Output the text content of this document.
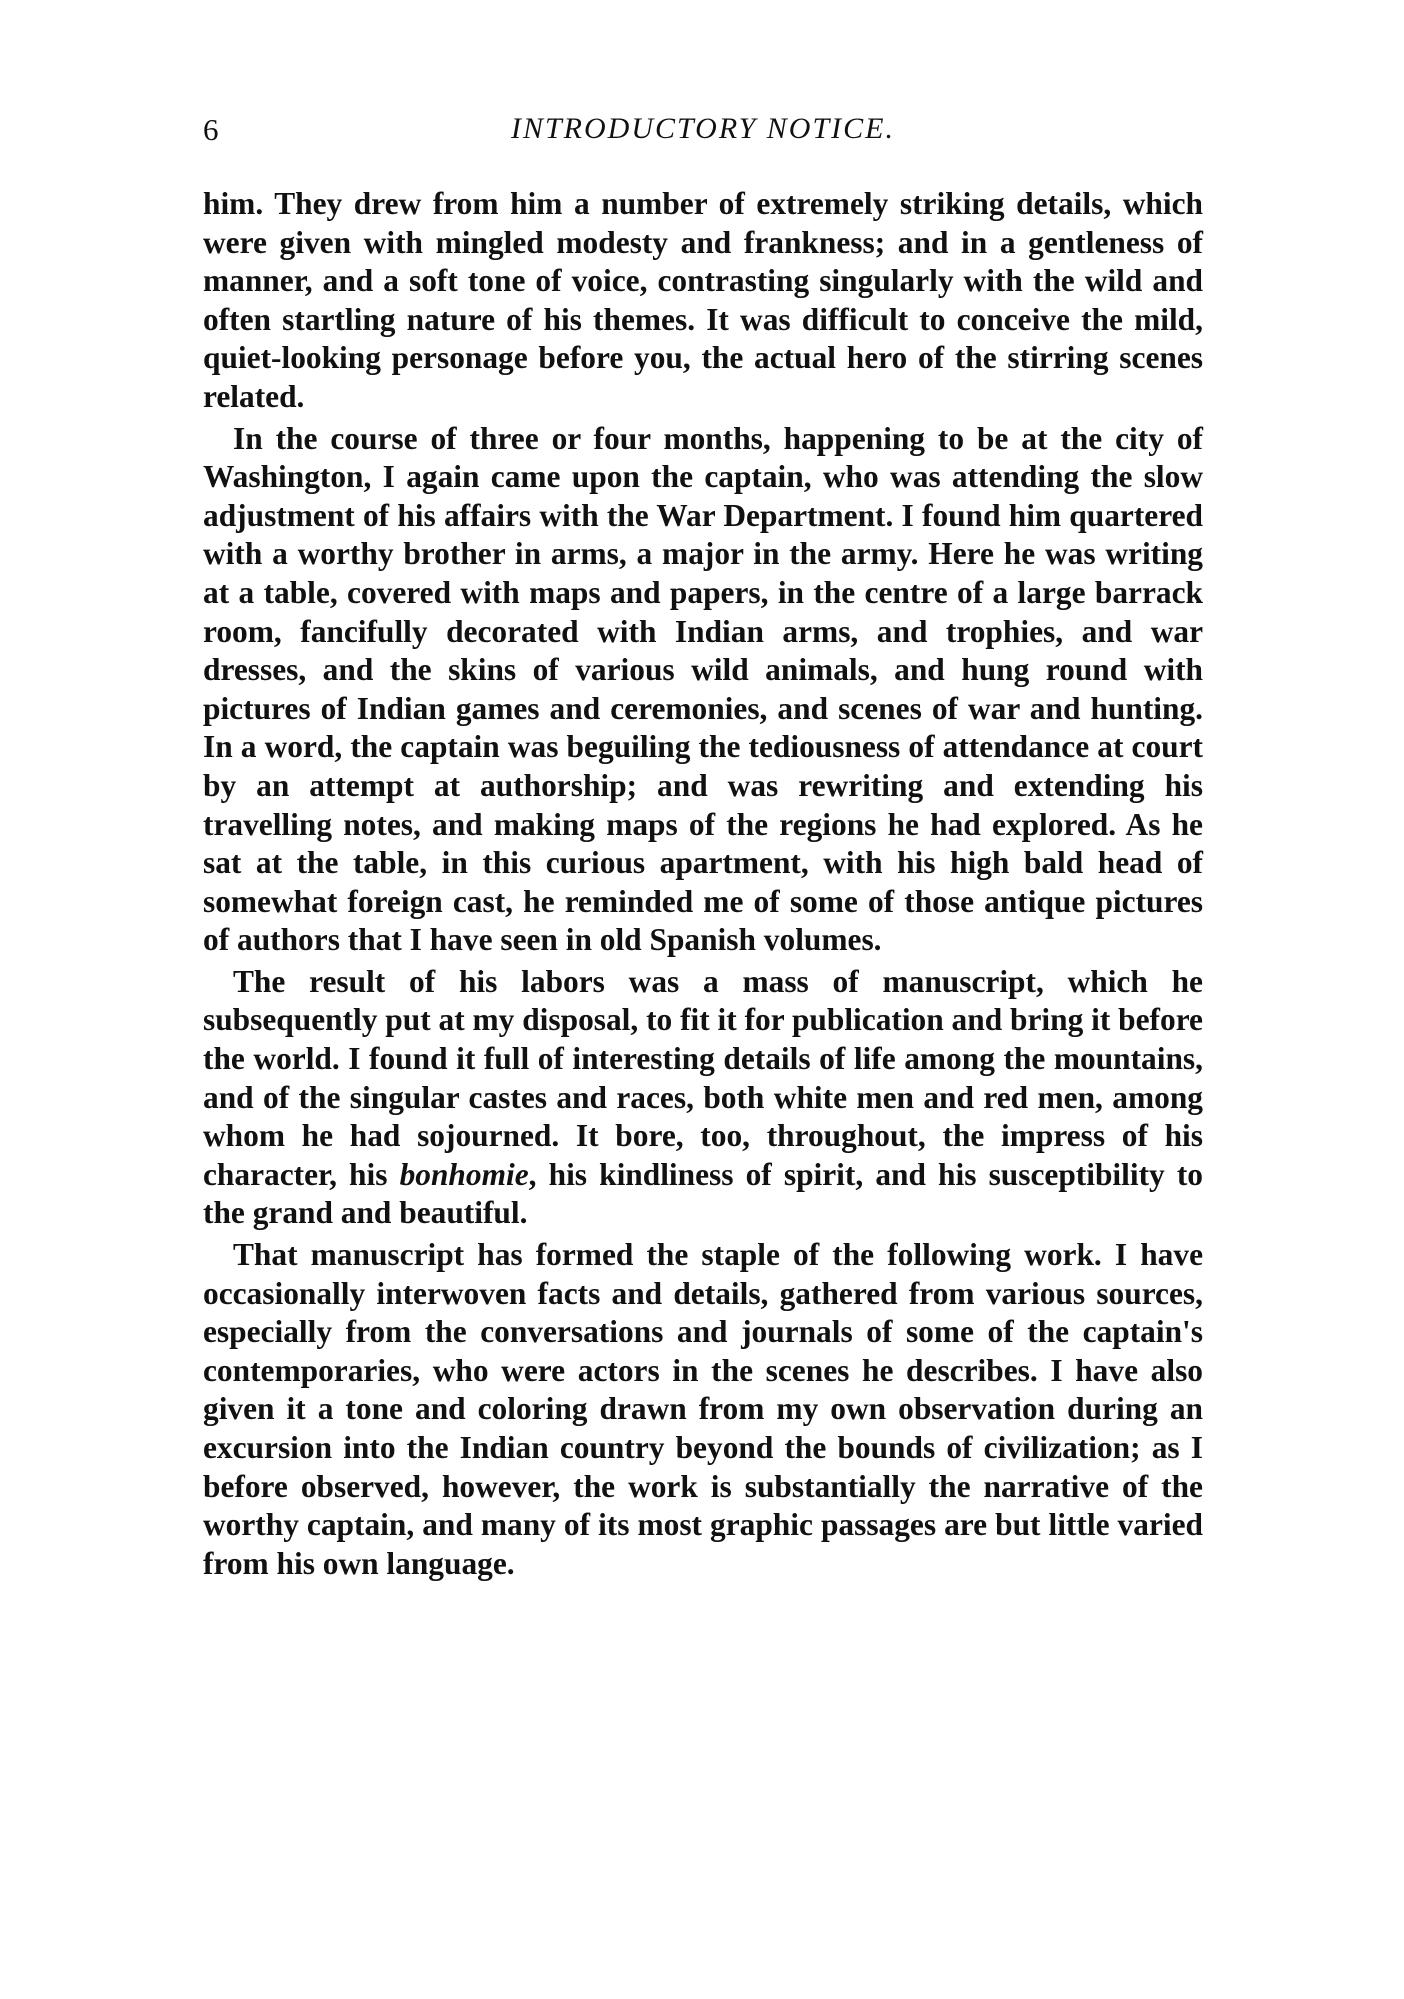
6	INTRODUCTORY NOTICE.

him. They drew from him a number of extremely striking details, which were given with mingled modesty and frankness; and in a gentleness of manner, and a soft tone of voice, contrasting singularly with the wild and often startling nature of his themes. It was difficult to conceive the mild, quiet-looking personage before you, the actual hero of the stirring scenes related.

In the course of three or four months, happening to be at the city of Washington, I again came upon the captain, who was attending the slow adjustment of his affairs with the War Department. I found him quartered with a worthy brother in arms, a major in the army. Here he was writing at a table, covered with maps and papers, in the centre of a large barrack room, fancifully decorated with Indian arms, and trophies, and war dresses, and the skins of various wild animals, and hung round with pictures of Indian games and ceremonies, and scenes of war and hunting. In a word, the captain was beguiling the tediousness of attendance at court by an attempt at authorship; and was rewriting and extending his travelling notes, and making maps of the regions he had explored. As he sat at the table, in this curious apartment, with his high bald head of somewhat foreign cast, he reminded me of some of those antique pictures of authors that I have seen in old Spanish volumes.

The result of his labors was a mass of manuscript, which he subsequently put at my disposal, to fit it for publication and bring it before the world. I found it full of interesting details of life among the mountains, and of the singular castes and races, both white men and red men, among whom he had sojourned. It bore, too, throughout, the impress of his character, his bonhomie, his kindliness of spirit, and his susceptibility to the grand and beautiful.

That manuscript has formed the staple of the following work. I have occasionally interwoven facts and details, gathered from various sources, especially from the conversations and journals of some of the captain's contemporaries, who were actors in the scenes he describes. I have also given it a tone and coloring drawn from my own observation during an excursion into the Indian country beyond the bounds of civilization; as I before observed, however, the work is substantially the narrative of the worthy captain, and many of its most graphic passages are but little varied from his own language.
